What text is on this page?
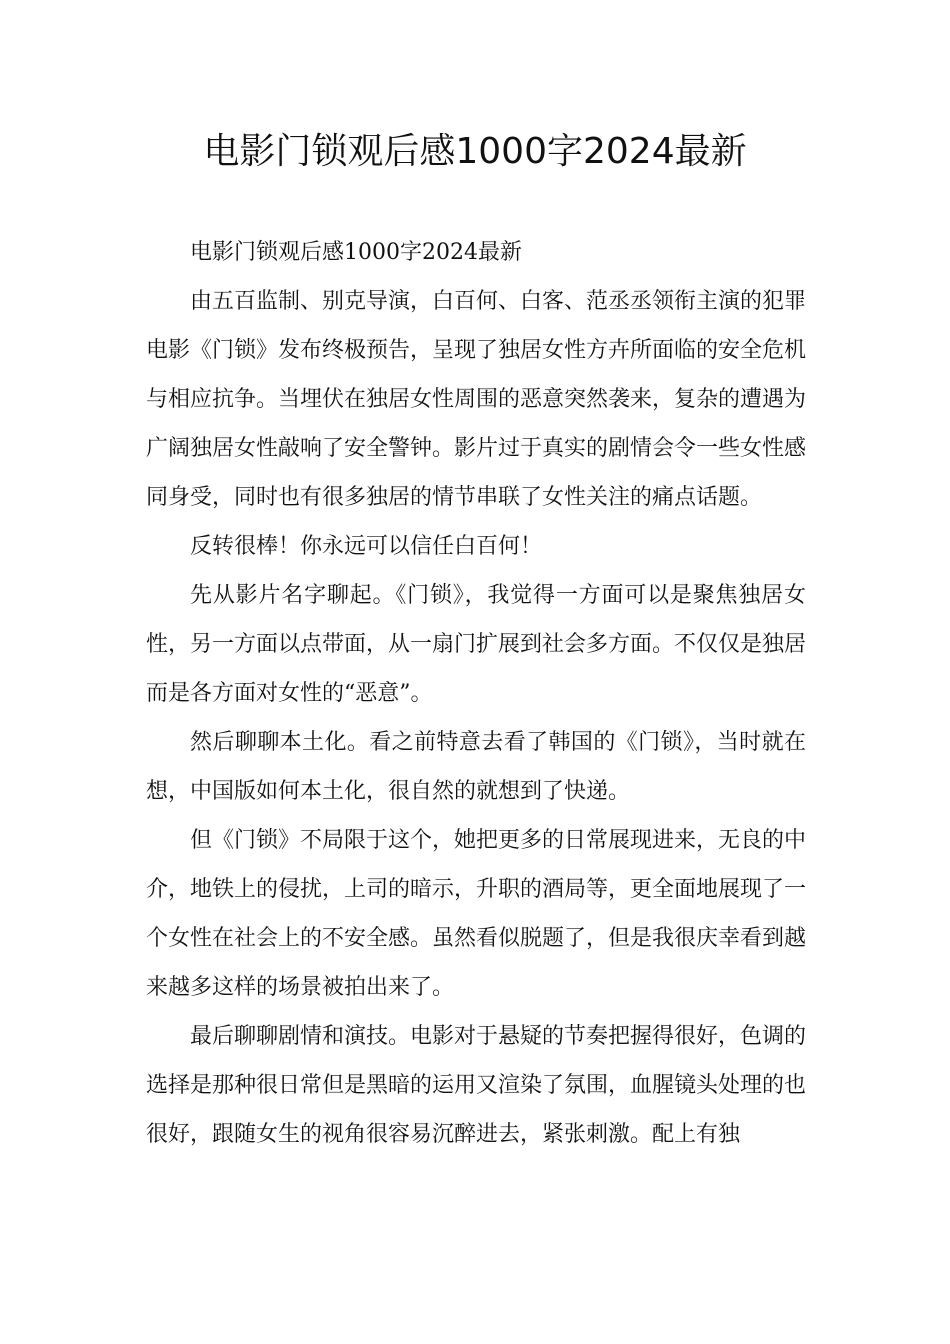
电影门锁观后感1000字2024最新

电影门锁观后感1000字2024最新

由五百监制、别克导演，白百何、白客、范丞丞领衔主演的犯罪电影《门锁》发布终极预告，呈现了独居女性方卉所面临的安全危机与相应抗争。当埋伏在独居女性周围的恶意突然袭来，复杂的遭遇为广阔独居女性敲响了安全警钟。影片过于真实的剧情会令一些女性感同身受，同时也有很多独居的情节串联了女性关注的痛点话题。

反转很棒！你永远可以信任白百何！

先从影片名字聊起。《门锁》，我觉得一方面可以是聚焦独居女性，另一方面以点带面，从一扇门扩展到社会多方面。不仅仅是独居而是各方面对女性的“恶意”。

然后聊聊本土化。看之前特意去看了韩国的《门锁》，当时就在想，中国版如何本土化，很自然的就想到了快递。

但《门锁》不局限于这个，她把更多的日常展现进来，无良的中介，地铁上的侵扰，上司的暗示，升职的酒局等，更全面地展现了一个女性在社会上的不安全感。虽然看似脱题了，但是我很庆幸看到越来越多这样的场景被拍出来了。

最后聊聊剧情和演技。电影对于悬疑的节奏把握得很好，色调的选择是那种很日常但是黑暗的运用又渲染了氛围，血腥镜头处理的也很好，跟随女生的视角很容易沉醉进去，紧张刺激。配上有独
